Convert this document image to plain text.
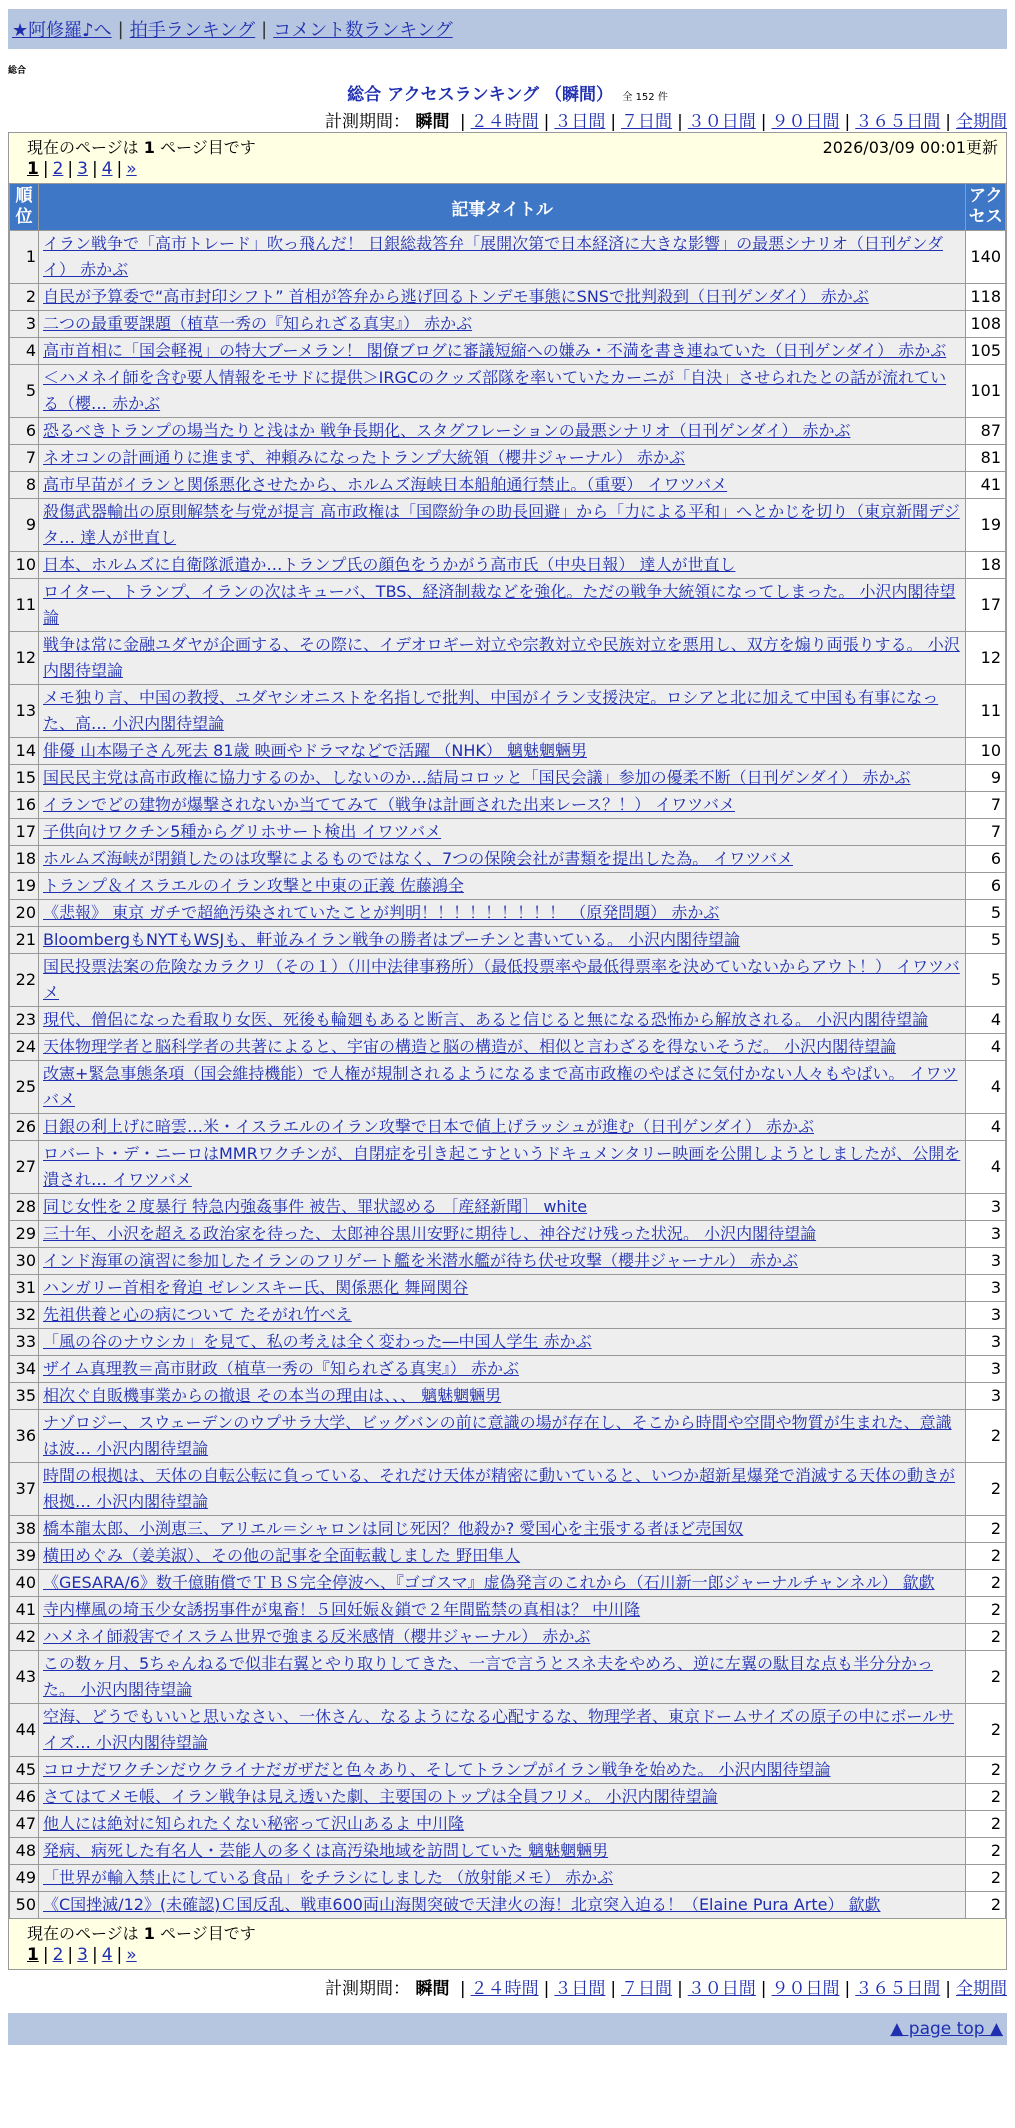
★阿修羅♪へ | 拍手ランキング | コメント数ランキング
総合
総合 アクセスランキング （瞬間） 全 152 件
計測期間： 瞬間 | ２４時間 | ３日間 | ７日間 | ３０日間 | ９０日間 | ３６５日間 | 全期間
現在のページは 1 ページ目です	2026/03/09 00:01更新
1 | 2 | 3 | 4 | »
順位	記事タイトル	アクセス
1	イラン戦争で「高市トレード」吹っ飛んだ！ 日銀総裁答弁「展開次第で日本経済に大きな影響」の最悪シナリオ（日刊ゲンダイ） 赤かぶ	140
2	自民が予算委で“高市封印シフト” 首相が答弁から逃げ回るトンデモ事態にSNSで批判殺到（日刊ゲンダイ） 赤かぶ	118
3	二つの最重要課題（植草一秀の『知られざる真実』） 赤かぶ	108
4	高市首相に「国会軽視」の特大ブーメラン！ 閣僚ブログに審議短縮への嫌み・不満を書き連ねていた（日刊ゲンダイ） 赤かぶ	105
5	＜ハメネイ師を含む要人情報をモサドに提供＞IRGCのクッズ部隊を率いていたカーニが「自決」させられたとの話が流れている（櫻… 赤かぶ	101
6	恐るべきトランプの場当たりと浅はか 戦争長期化、スタグフレーションの最悪シナリオ（日刊ゲンダイ） 赤かぶ	87
7	ネオコンの計画通りに進まず、神頼みになったトランプ大統領（櫻井ジャーナル） 赤かぶ	81
8	高市早苗がイランと関係悪化させたから、ホルムズ海峡日本船舶通行禁止。（重要） イワツバメ	41
9	殺傷武器輸出の原則解禁を与党が提言 高市政権は「国際紛争の助長回避」から「力による平和」へとかじを切り（東京新聞デジタ… 達人が世直し	19
10	日本、ホルムズに自衛隊派遣か…トランプ氏の顔色をうかがう高市氏（中央日報） 達人が世直し	18
11	ロイター、トランプ、イランの次はキューバ、TBS、経済制裁などを強化。ただの戦争大統領になってしまった。 小沢内閣待望論	17
12	戦争は常に金融ユダヤが企画する、その際に、イデオロギー対立や宗教対立や民族対立を悪用し、双方を煽り両張りする。 小沢内閣待望論	12
13	メモ独り言、中国の教授、ユダヤシオニストを名指しで批判、中国がイラン支援決定。ロシアと北に加えて中国も有事になった、高… 小沢内閣待望論	11
14	俳優 山本陽子さん死去 81歳 映画やドラマなどで活躍 （NHK） 魑魅魍魎男	10
15	国民民主党は高市政権に協力するのか、しないのか…結局コロッと「国民会議」参加の優柔不断（日刊ゲンダイ） 赤かぶ	9
16	イランでどの建物が爆撃されないか当ててみて（戦争は計画された出来レース？！） イワツバメ	7
17	子供向けワクチン5種からグリホサート検出 イワツバメ	7
18	ホルムズ海峡が閉鎖したのは攻撃によるものではなく、7つの保険会社が書類を提出した為。 イワツバメ	6
19	トランプ＆イスラエルのイラン攻撃と中東の正義 佐藤鴻全	6
20	《悲報》 東京 ガチで超絶汚染されていたことが判明！！！！！！！！！ （原発問題） 赤かぶ	5
21	BloombergもNYTもWSJも、軒並みイラン戦争の勝者はプーチンと書いている。 小沢内閣待望論	5
22	国民投票法案の危険なカラクリ（その１）（川中法律事務所）（最低投票率や最低得票率を決めていないからアウト！） イワツバメ	5
23	現代、僧侶になった看取り女医、死後も輪廻もあると断言、あると信じると無になる恐怖から解放される。 小沢内閣待望論	4
24	天体物理学者と脳科学者の共著によると、宇宙の構造と脳の構造が、相似と言わざるを得ないそうだ。 小沢内閣待望論	4
25	改憲+緊急事態条項（国会維持機能）で人権が規制されるようになるまで高市政権のやばさに気付かない人々もやばい。 イワツバメ	4
26	日銀の利上げに暗雲…米・イスラエルのイラン攻撃で日本で値上げラッシュが進む（日刊ゲンダイ） 赤かぶ	4
27	ロバート・デ・ニーロはMMRワクチンが、自閉症を引き起こすというドキュメンタリー映画を公開しようとしましたが、公開を潰され… イワツバメ	4
28	同じ女性を２度暴行 特急内強姦事件 被告、罪状認める ［産経新聞］ white	3
29	三十年、小沢を超える政治家を待った、太郎神谷黒川安野に期待し、神谷だけ残った状況。 小沢内閣待望論	3
30	インド海軍の演習に参加したイランのフリゲート艦を米潜水艦が待ち伏せ攻撃（櫻井ジャーナル） 赤かぶ	3
31	ハンガリー首相を脅迫 ゼレンスキー氏、関係悪化 舞岡関谷	3
32	先祖供養と心の病について たそがれ竹べえ	3
33	「風の谷のナウシカ」を見て、私の考えは全く変わった―中国人学生 赤かぶ	3
34	ザイム真理教＝高市財政（植草一秀の『知られざる真実』） 赤かぶ	3
35	相次ぐ自販機事業からの撤退 その本当の理由は、、、 魑魅魍魎男	3
36	ナゾロジー、スウェーデンのウプサラ大学、ビッグバンの前に意識の場が存在し、そこから時間や空間や物質が生まれた、意識は波… 小沢内閣待望論	2
37	時間の根拠は、天体の自転公転に負っている、それだけ天体が精密に動いていると、いつか超新星爆発で消滅する天体の動きが根拠… 小沢内閣待望論	2
38	橋本龍太郎、小渕恵三、アリエル＝シャロンは同じ死因？他殺か? 愛国心を主張する者ほど売国奴	2
39	横田めぐみ（姜美淑）、その他の記事を全面転載しました 野田隼人	2
40	《GESARA/6》数千億賄償でＴＢＳ完全停波へ、『ゴゴスマ』虚偽発言のこれから（石川新一郎ジャーナルチャンネル） 歙歔	2
41	寺内樺風の埼玉少女誘拐事件が鬼畜！５回妊娠＆鎖で２年間監禁の真相は？ 中川隆	2
42	ハメネイ師殺害でイスラム世界で強まる反米感情（櫻井ジャーナル） 赤かぶ	2
43	この数ヶ月、5ちゃんねるで似非右翼とやり取りしてきた、一言で言うとスネ夫をやめろ、逆に左翼の駄目な点も半分分かった。 小沢内閣待望論	2
44	空海、どうでもいいと思いなさい、一休さん、なるようになる心配するな、物理学者、東京ドームサイズの原子の中にボールサイズ… 小沢内閣待望論	2
45	コロナだワクチンだウクライナだガザだと色々あり、そしてトランプがイラン戦争を始めた。 小沢内閣待望論	2
46	さてはてメモ帳、イラン戦争は見え透いた劇、主要国のトップは全員フリメ。 小沢内閣待望論	2
47	他人には絶対に知られたくない秘密って沢山あるよ 中川隆	2
48	発病、病死した有名人・芸能人の多くは高汚染地域を訪問していた 魑魅魍魎男	2
49	「世界が輸入禁止にしている食品」をチラシにしました （放射能メモ） 赤かぶ	2
50	《C国挫滅/12》(未確認)Ｃ国反乱、戦車600両山海関突破で天津火の海！北京突入迫る！（Elaine Pura Arte） 歙歔	2
現在のページは 1 ページ目です
1 | 2 | 3 | 4 | »
計測期間： 瞬間 | ２４時間 | ３日間 | ７日間 | ３０日間 | ９０日間 | ３６５日間 | 全期間
▲ page top ▲
